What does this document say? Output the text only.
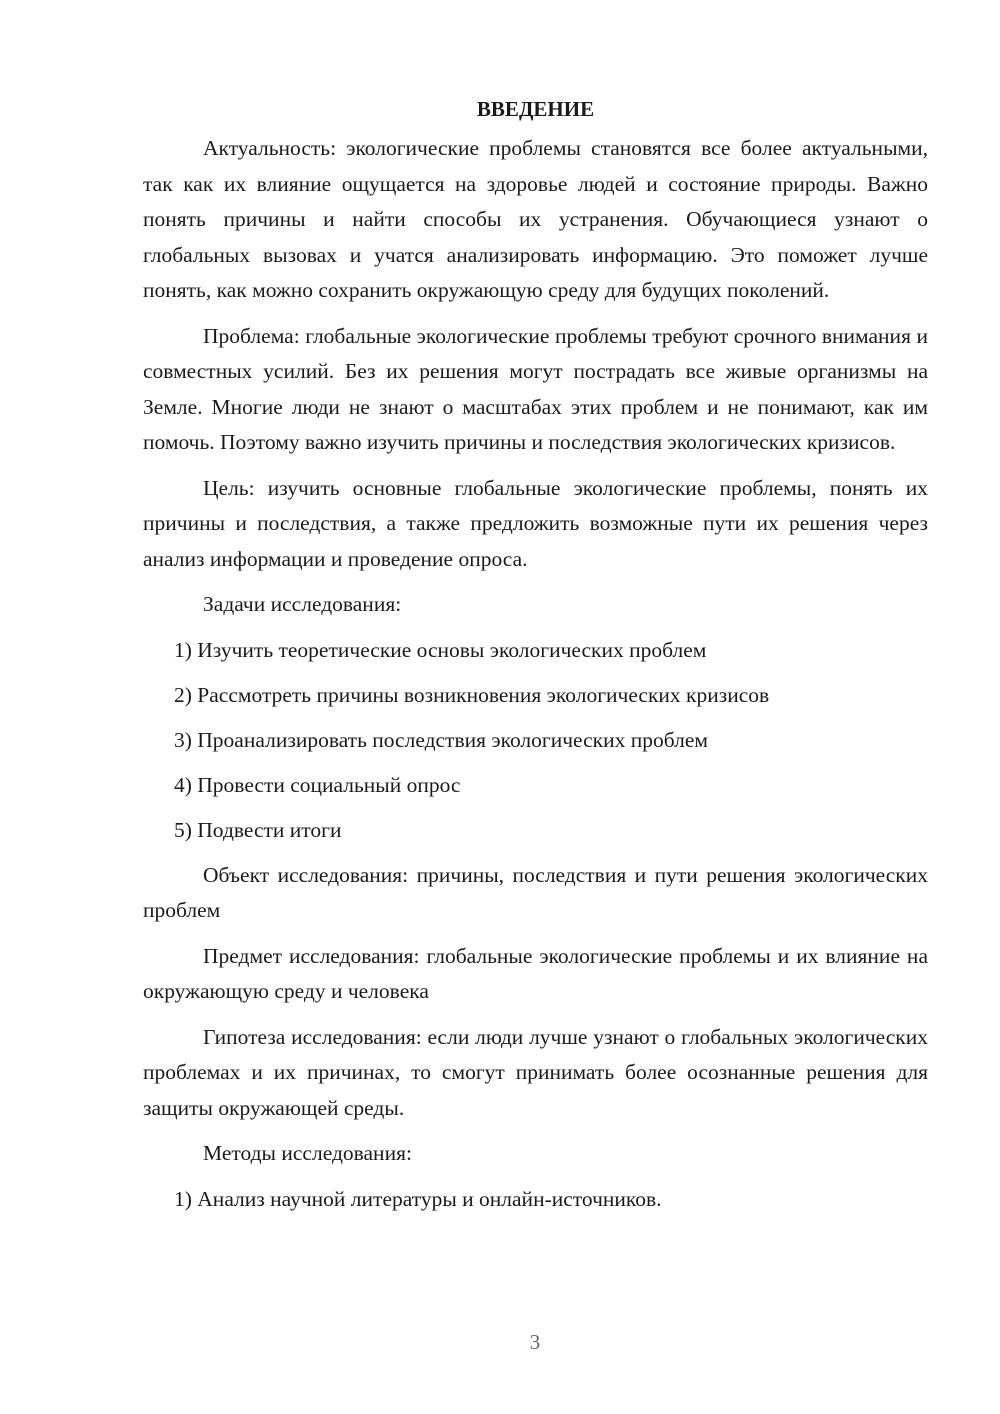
ВВЕДЕНИЕ

Актуальность: экологические проблемы становятся все более актуальными, так как их влияние ощущается на здоровье людей и состояние природы. Важно понять причины и найти способы их устранения. Обучающиеся узнают о глобальных вызовах и учатся анализировать информацию. Это поможет лучше понять, как можно сохранить окружающую среду для будущих поколений.

Проблема: глобальные экологические проблемы требуют срочного внимания и совместных усилий. Без их решения могут пострадать все живые организмы на Земле. Многие люди не знают о масштабах этих проблем и не понимают, как им помочь. Поэтому важно изучить причины и последствия экологических кризисов.

Цель: изучить основные глобальные экологические проблемы, понять их причины и последствия, а также предложить возможные пути их решения через анализ информации и проведение опроса.

Задачи исследования:

1) Изучить теоретические основы экологических проблем
2) Рассмотреть причины возникновения экологических кризисов
3) Проанализировать последствия экологических проблем
4) Провести социальный опрос
5) Подвести итоги

Объект исследования: причины, последствия и пути решения экологических проблем

Предмет исследования: глобальные экологические проблемы и их влияние на окружающую среду и человека

Гипотеза исследования: если люди лучше узнают о глобальных экологических проблемах и их причинах, то смогут принимать более осознанные решения для защиты окружающей среды.

Методы исследования:

1) Анализ научной литературы и онлайн-источников.
3
